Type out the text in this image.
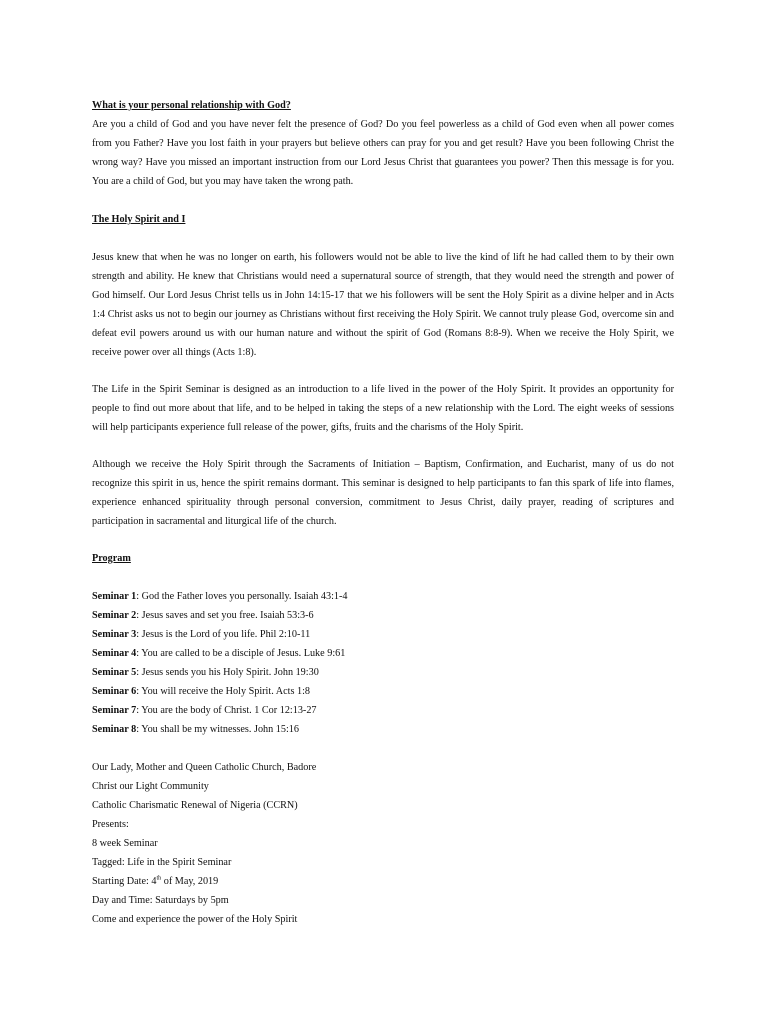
What is your personal relationship with God?

Are you a child of God and you have never felt the presence of God? Do you feel powerless as a child of God even when all power comes from you Father? Have you lost faith in your prayers but believe others can pray for you and get result? Have you been following Christ the wrong way? Have you missed an important instruction from our Lord Jesus Christ that guarantees you power? Then this message is for you. You are a child of God, but you may have taken the wrong path.

The Holy Spirit and I

Jesus knew that when he was no longer on earth, his followers would not be able to live the kind of lift he had called them to by their own strength and ability. He knew that Christians would need a supernatural source of strength, that they would need the strength and power of God himself. Our Lord Jesus Christ tells us in John 14:15-17 that we his followers will be sent the Holy Spirit as a divine helper and in Acts 1:4 Christ asks us not to begin our journey as Christians without first receiving the Holy Spirit. We cannot truly please God, overcome sin and defeat evil powers around us with our human nature and without the spirit of God (Romans 8:8-9). When we receive the Holy Spirit, we receive power over all things (Acts 1:8).

The Life in the Spirit Seminar is designed as an introduction to a life lived in the power of the Holy Spirit. It provides an opportunity for people to find out more about that life, and to be helped in taking the steps of a new relationship with the Lord. The eight weeks of sessions will help participants experience full release of the power, gifts, fruits and the charisms of the Holy Spirit.

Although we receive the Holy Spirit through the Sacraments of Initiation – Baptism, Confirmation, and Eucharist, many of us do not recognize this spirit in us, hence the spirit remains dormant. This seminar is designed to help participants to fan this spark of life into flames, experience enhanced spirituality through personal conversion, commitment to Jesus Christ, daily prayer, reading of scriptures and participation in sacramental and liturgical life of the church.

Program
Seminar 1: God the Father loves you personally. Isaiah 43:1-4
Seminar 2: Jesus saves and set you free. Isaiah 53:3-6
Seminar 3: Jesus is the Lord of you life. Phil 2:10-11
Seminar 4: You are called to be a disciple of Jesus. Luke 9:61
Seminar 5: Jesus sends you his Holy Spirit. John 19:30
Seminar 6: You will receive the Holy Spirit. Acts 1:8
Seminar 7: You are the body of Christ. 1 Cor 12:13-27
Seminar 8: You shall be my witnesses. John 15:16
Our Lady, Mother and Queen Catholic Church, Badore
Christ our Light Community
Catholic Charismatic Renewal of Nigeria (CCRN)
Presents:
8 week Seminar
Tagged: Life in the Spirit Seminar
Starting Date: 4th of May, 2019
Day and Time: Saturdays by 5pm
Come and experience the power of the Holy Spirit
